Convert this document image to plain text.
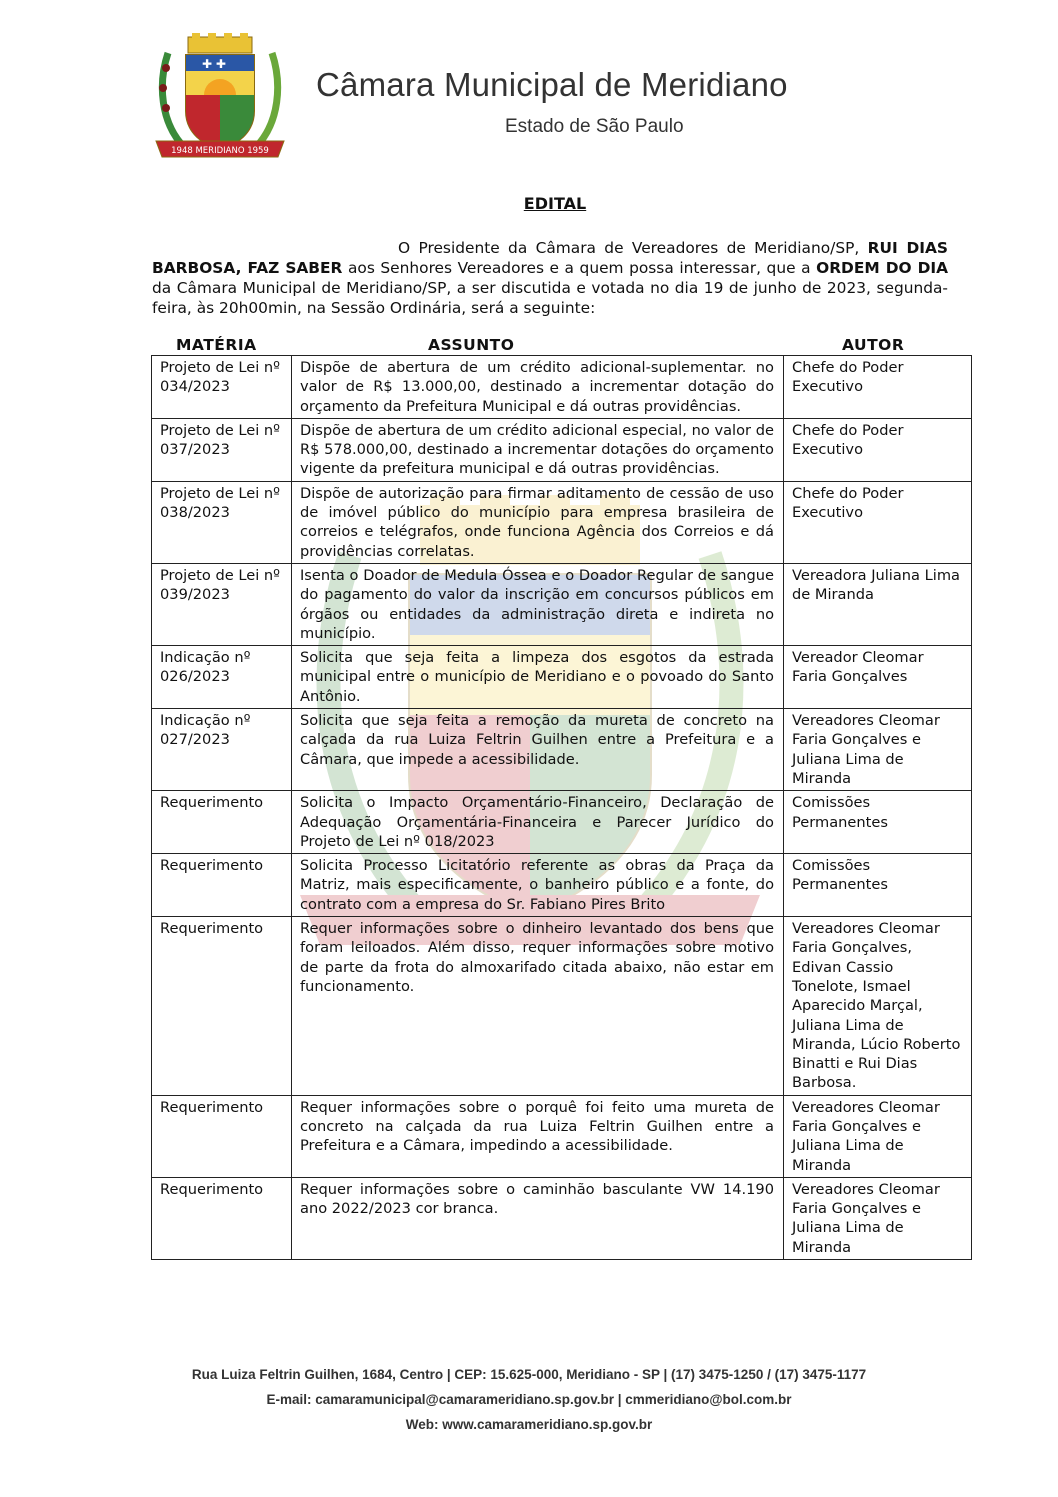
✚ ✚
1948 MERIDIANO 1959
Câmara Municipal de Meridiano
Estado de São Paulo
EDITAL
O Presidente da Câmara de Vereadores de Meridiano/SP, RUI DIAS BARBOSA, FAZ SABER aos Senhores Vereadores e a quem possa interessar, que a ORDEM DO DIA da Câmara Municipal de Meridiano/SP, a ser discutida e votada no dia 19 de junho de 2023, segunda-feira, às 20h00min, na Sessão Ordinária, será a seguinte:
MATÉRIA	ASSUNTO	AUTOR
Projeto de Lei nº 034/2023	Dispõe de abertura de um crédito adicional-suplementar. no valor de R$ 13.000,00, destinado a incrementar dotação do orçamento da Prefeitura Municipal e dá outras providências.	Chefe do Poder Executivo
Projeto de Lei nº 037/2023	Dispõe de abertura de um crédito adicional especial, no valor de R$ 578.000,00, destinado a incrementar dotações do orçamento vigente da prefeitura municipal e dá outras providências.	Chefe do Poder Executivo
Projeto de Lei nº 038/2023	Dispõe de autorização para firmar aditamento de cessão de uso de imóvel público do município para empresa brasileira de correios e telégrafos, onde funciona Agência dos Correios e dá providências correlatas.	Chefe do Poder Executivo
Projeto de Lei nº 039/2023	Isenta o Doador de Medula Óssea e o Doador Regular de sangue do pagamento do valor da inscrição em concursos públicos em órgãos ou entidades da administração direta e indireta no município.	Vereadora Juliana Lima de Miranda
Indicação nº 026/2023	Solicita que seja feita a limpeza dos esgotos da estrada municipal entre o município de Meridiano e o povoado do Santo Antônio.	Vereador Cleomar Faria Gonçalves
Indicação nº 027/2023	Solicita que seja feita a remoção da mureta de concreto na calçada da rua Luiza Feltrin Guilhen entre a Prefeitura e a Câmara, que impede a acessibilidade.	Vereadores Cleomar Faria Gonçalves e Juliana Lima de Miranda
Requerimento	Solicita o Impacto Orçamentário-Financeiro, Declaração de Adequação Orçamentária-Financeira e Parecer Jurídico do Projeto de Lei nº 018/2023	Comissões Permanentes
Requerimento	Solicita Processo Licitatório referente as obras da Praça da Matriz, mais especificamente, o banheiro público e a fonte, do contrato com a empresa do Sr. Fabiano Pires Brito	Comissões Permanentes
Requerimento	Requer informações sobre o dinheiro levantado dos bens que foram leiloados. Além disso, requer informações sobre motivo de parte da frota do almoxarifado citada abaixo, não estar em funcionamento.	Vereadores Cleomar Faria Gonçalves, Edivan Cassio Tonelote, Ismael Aparecido Marçal, Juliana Lima de Miranda, Lúcio Roberto Binatti e Rui Dias Barbosa.
Requerimento	Requer informações sobre o porquê foi feito uma mureta de concreto na calçada da rua Luiza Feltrin Guilhen entre a Prefeitura e a Câmara, impedindo a acessibilidade.	Vereadores Cleomar Faria Gonçalves e Juliana Lima de Miranda
Requerimento	Requer informações sobre o caminhão basculante VW 14.190 ano 2022/2023 cor branca.	Vereadores Cleomar Faria Gonçalves e Juliana Lima de Miranda
Rua Luiza Feltrin Guilhen, 1684, Centro | CEP: 15.625-000, Meridiano - SP | (17) 3475-1250 / (17) 3475-1177
E-mail: camaramunicipal@camarameridiano.sp.gov.br | cmmeridiano@bol.com.br
Web: www.camarameridiano.sp.gov.br
